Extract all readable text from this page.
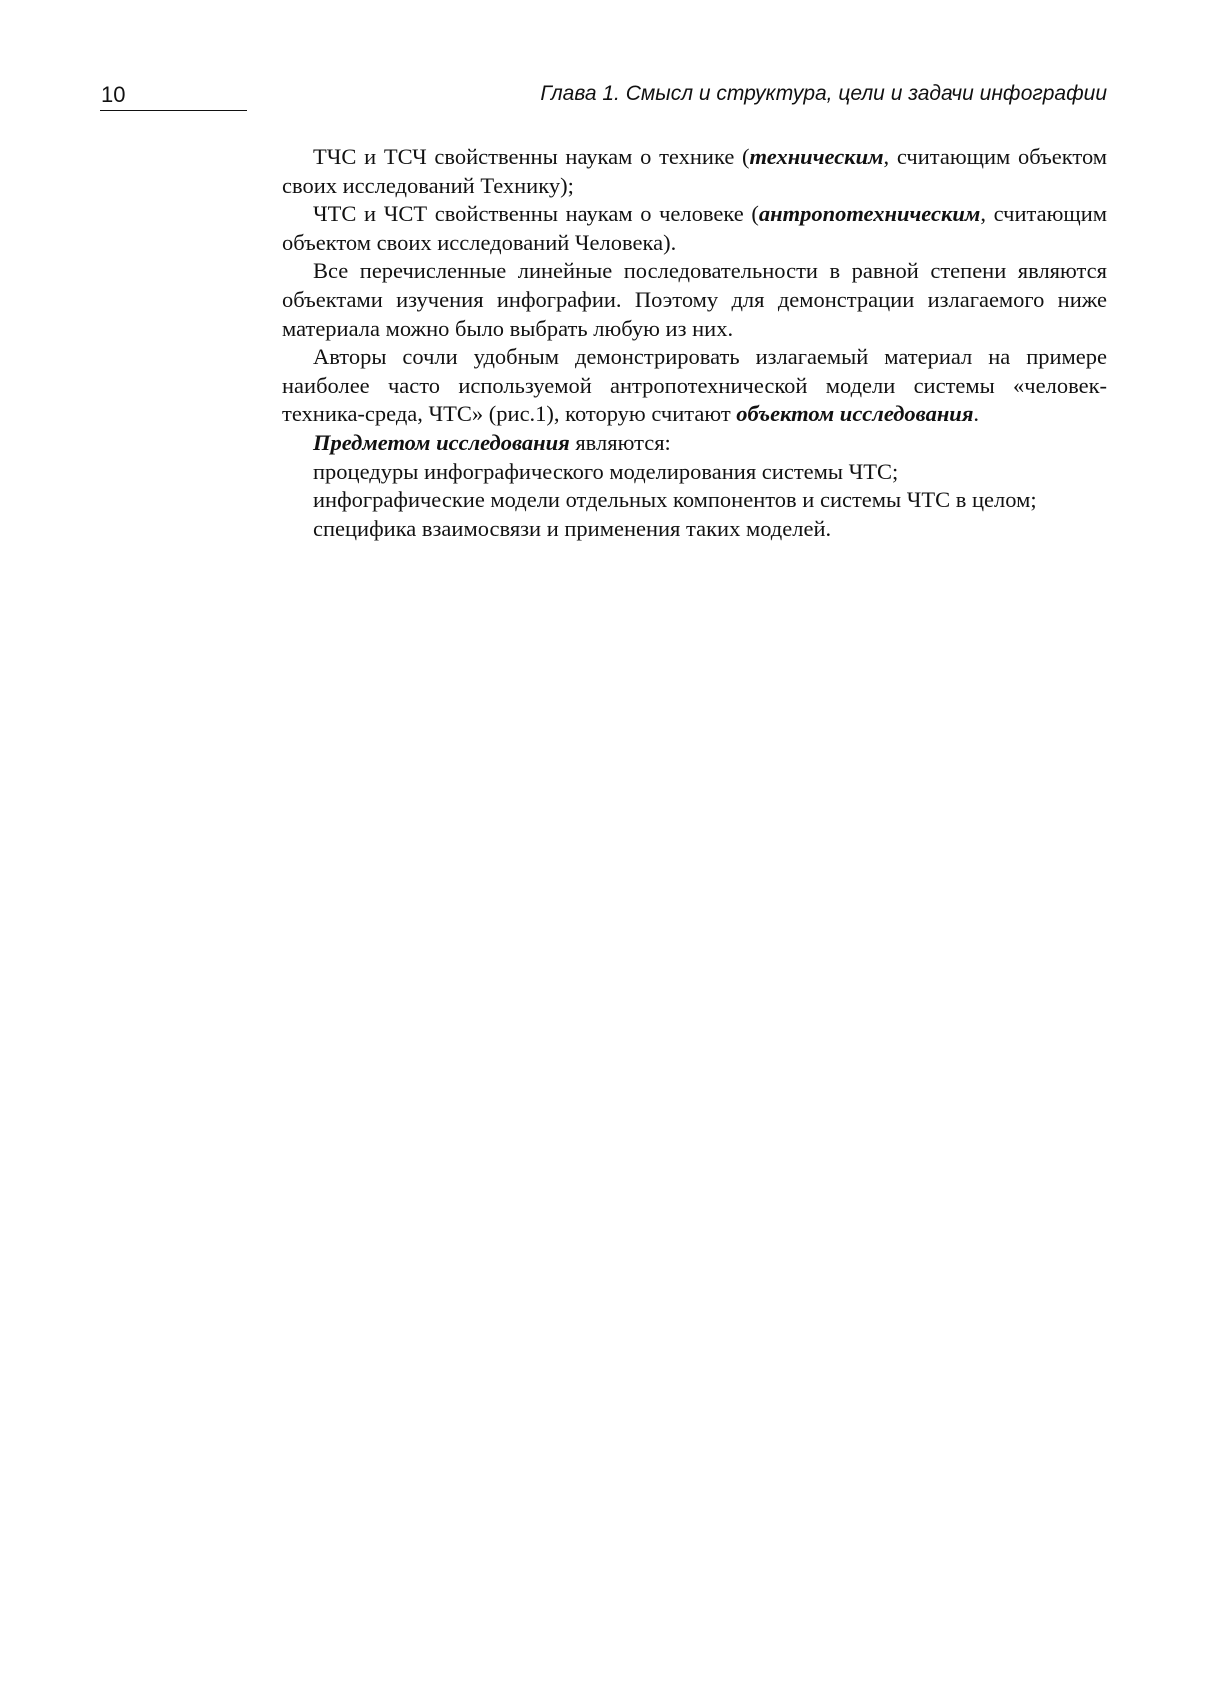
10	Глава 1. Смысл и структура, цели и задачи инфографии

ТЧС и ТСЧ свойственны наукам о технике (техническим, считающим объектом своих исследований Технику);

ЧТС и ЧСТ свойственны наукам о человеке (антропотехническим, считающим объектом своих исследований Человека).

Все перечисленные линейные последовательности в равной степени являются объектами изучения инфографии. Поэтому для демонстрации излагаемого ниже материала можно было выбрать любую из них.

Авторы сочли удобным демонстрировать излагаемый материал на примере наиболее часто используемой антропотехнической модели системы «человек-техника-среда, ЧТС» (рис.1), которую считают объектом исследования.

Предметом исследования являются:

процедуры инфографического моделирования системы ЧТС;

инфографические модели отдельных компонентов и системы ЧТС в целом;

специфика взаимосвязи и применения таких моделей.
